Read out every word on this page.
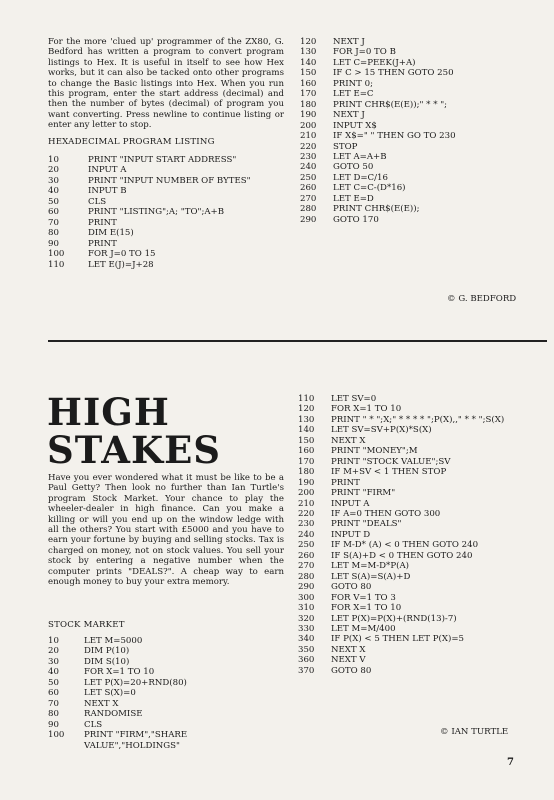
For the more 'clued up' programmer of the ZX80, G. Bedford has written a program to convert program listings to Hex. It is useful in itself to see how Hex works, but it can also be tacked onto other programs to change the Basic listings into Hex. When you run this program, enter the start address (decimal) and then the number of bytes (decimal) of program you want converting. Press newline to continue listing or enter any letter to stop.
HEXADECIMAL PROGRAM LISTING
10	PRINT "INPUT START ADDRESS"
20	INPUT A
30	PRINT "INPUT NUMBER OF BYTES"
40	INPUT B
50	CLS
60	PRINT "LISTING";A; "TO";A+B
70	PRINT
80	DIM E(15)
90	PRINT
100	FOR J=0 TO 15
110	LET E(J)=J+28
120 NEXT J
130 FOR J=0 TO B
140 LET C=PEEK(J+A)
150 IF C > 15 THEN GOTO 250
160 PRINT 0;
170 LET E=C
180 PRINT CHR$(E(E));" * * ";
190 NEXT J
200 INPUT X$
210 IF X$=" " THEN GO TO 230
220 STOP
230 LET A=A+B
240 GOTO 50
250 LET D=C/16
260 LET C=C-(D*16)
270 LET E=D
280 PRINT CHR$(E(E));
290 GOTO 170
© G. BEDFORD
HIGH
STAKES
Have you ever wondered what it must be like to be a Paul Getty? Then look no further than Ian Turtle's program Stock Market. Your chance to play the wheeler-dealer in high finance. Can you make a killing or will you end up on the window ledge with all the others? You start with £5000 and you have to earn your fortune by buying and selling stocks. Tax is charged on money, not on stock values. You sell your stock by entering a negative number when the computer prints "DEALS?". A cheap way to earn enough money to buy your extra memory.
STOCK MARKET
10	LET M=5000
20	DIM P(10)
30	DIM S(10)
40	FOR X=1 TO 10
50	LET P(X)=20+RND(80)
60	LET S(X)=0
70	NEXT X
80	RANDOMISE
90	CLS
100 PRINT "FIRM","SHARE
VALUE","HOLDINGS"
110 LET SV=0
120 FOR X=1 TO 10
130 PRINT " * ";X;" * * * * ";P(X),," * * ";S(X)
140 LET SV=SV+P(X)*S(X)
150 NEXT X
160 PRINT "MONEY";M
170 PRINT "STOCK VALUE";SV
180 IF M+SV < 1 THEN STOP
190 PRINT
200 PRINT "FIRM"
210 INPUT A
220 IF A=0 THEN GOTO 300
230 PRINT "DEALS"
240 INPUT D
250 IF M-D* (A) < 0 THEN GOTO 240
260 IF S(A)+D < 0 THEN GOTO 240
270 LET M=M-D*P(A)
280 LET S(A)=S(A)+D
290 GOTO 80
300 FOR V=1 TO 3
310 FOR X=1 TO 10
320 LET P(X)=P(X)+(RND(13)-7)
330 LET M=M/400
340 IF P(X) < 5 THEN LET P(X)=5
350 NEXT X
360 NEXT V
370 GOTO 80
© IAN TURTLE
7
